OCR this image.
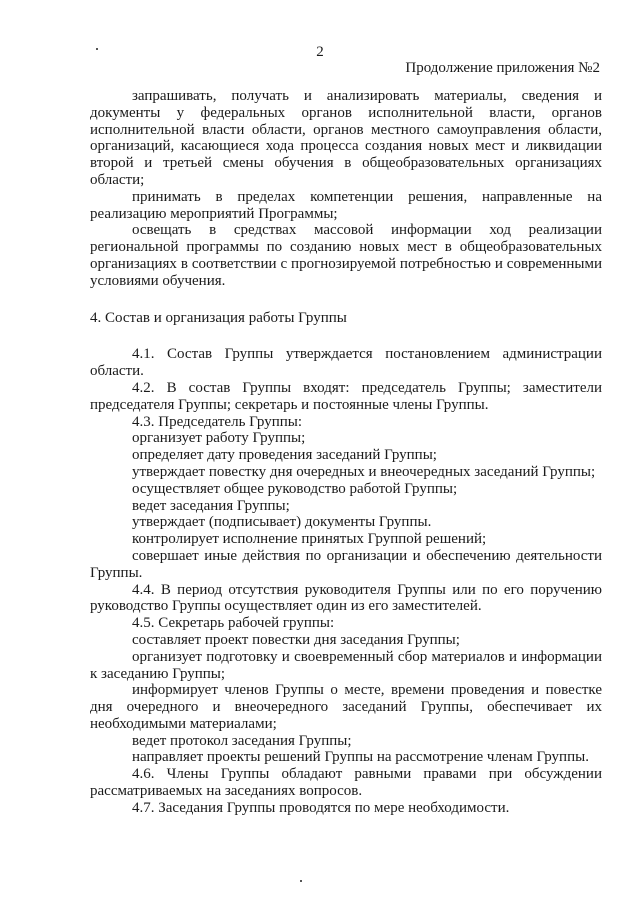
2
Продолжение приложения №2

запрашивать, получать и анализировать материалы, сведения и документы у федеральных органов исполнительной власти, органов исполнительной власти области, органов местного самоуправления области, организаций, касающиеся хода процесса создания новых мест и ликвидации второй и третьей смены обучения в общеобразовательных организациях области;

принимать в пределах компетенции решения, направленные на реализацию мероприятий Программы;

освещать в средствах массовой информации ход реализации региональной программы по созданию новых мест в общеобразовательных организациях в соответствии с прогнозируемой потребностью и современными условиями обучения.

4. Состав и организация работы Группы

4.1. Состав Группы утверждается постановлением администрации области.

4.2. В состав Группы входят: председатель Группы; заместители председателя Группы; секретарь и постоянные члены Группы.

4.3. Председатель Группы:

организует работу Группы;

определяет дату проведения заседаний Группы;

утверждает повестку дня очередных и внеочередных заседаний Группы;

осуществляет общее руководство работой Группы;

ведет заседания Группы;

утверждает (подписывает) документы Группы.

контролирует исполнение принятых Группой решений;

совершает иные действия по организации и обеспечению деятельности Группы.

4.4. В период отсутствия руководителя Группы или по его поручению руководство Группы осуществляет один из его заместителей.

4.5. Секретарь рабочей группы:

составляет проект повестки дня заседания Группы;

организует подготовку и своевременный сбор материалов и информации к заседанию Группы;

информирует членов Группы о месте, времени проведения и повестке дня очередного и внеочередного заседаний Группы, обеспечивает их необходимыми материалами;

ведет протокол заседания Группы;

направляет проекты решений Группы на рассмотрение членам Группы.

4.6. Члены Группы обладают равными правами при обсуждении рассматриваемых на заседаниях вопросов.

4.7. Заседания Группы проводятся по мере необходимости.
